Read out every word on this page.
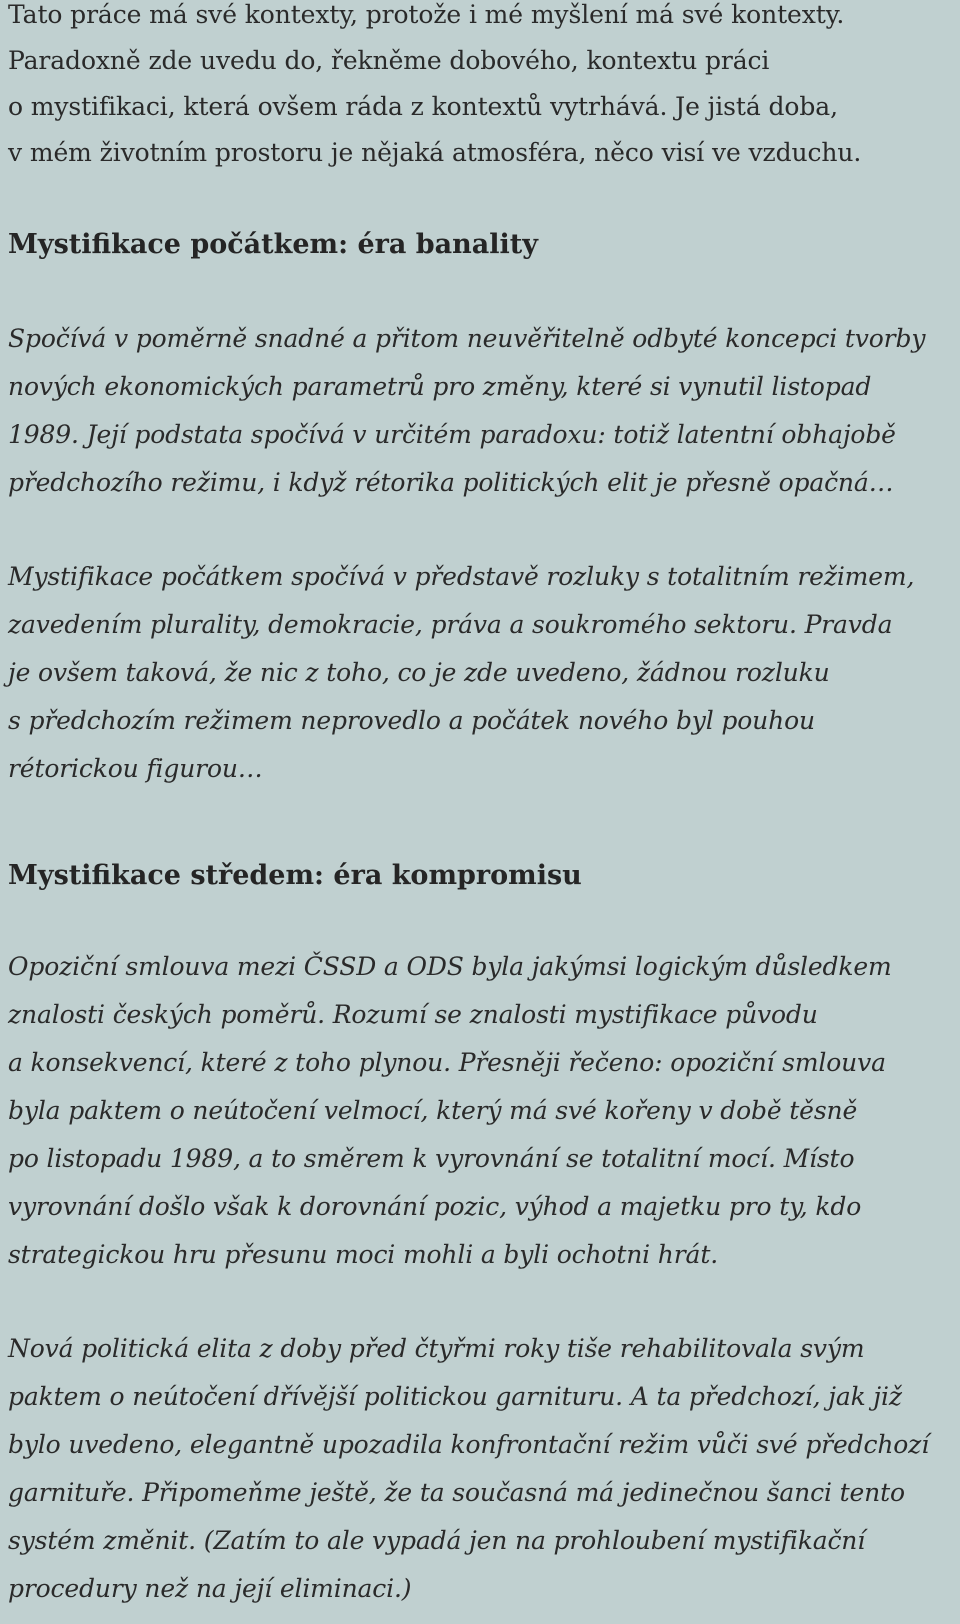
Tato práce má své kontexty, protože i mé myšlení má své kontexty.
Paradoxně zde uvedu do, řekněme dobového, kontextu práci
o mystifikaci, která ovšem ráda z kontextů vytrhává. Je jistá doba,
v mém životním prostoru je nějaká atmosféra, něco visí ve vzduchu.

Mystifikace počátkem: éra banality

Spočívá v poměrně snadné a přitom neuvěřitelně odbyté koncepci tvorby
nových ekonomických parametrů pro změny, které si vynutil listopad
1989. Její podstata spočívá v určitém paradoxu: totiž latentní obhajobě
předchozího režimu, i když rétorika politických elit je přesně opačná…

Mystifikace počátkem spočívá v představě rozluky s totalitním režimem,
zavedením plurality, demokracie, práva a soukromého sektoru. Pravda
je ovšem taková, že nic z toho, co je zde uvedeno, žádnou rozluku
s předchozím režimem neprovedlo a počátek nového byl pouhou
rétorickou figurou…

Mystifikace středem: éra kompromisu

Opoziční smlouva mezi ČSSD a ODS byla jakýmsi logickým důsledkem
znalosti českých poměrů. Rozumí se znalosti mystifikace původu
a konsekvencí, které z toho plynou. Přesněji řečeno: opoziční smlouva
byla paktem o neútočení velmocí, který má své kořeny v době těsně
po listopadu 1989, a to směrem k vyrovnání se totalitní mocí. Místo
vyrovnání došlo však k dorovnání pozic, výhod a majetku pro ty, kdo
strategickou hru přesunu moci mohli a byli ochotni hrát.

Nová politická elita z doby před čtyřmi roky tiše rehabilitovala svým
paktem o neútočení dřívější politickou garnituru. A ta předchozí, jak již
bylo uvedeno, elegantně upozadila konfrontační režim vůči své předchozí
garnituře. Připomeňme ještě, že ta současná má jedinečnou šanci tento
systém změnit. (Zatím to ale vypadá jen na prohloubení mystifikační
procedury než na její eliminaci.)
